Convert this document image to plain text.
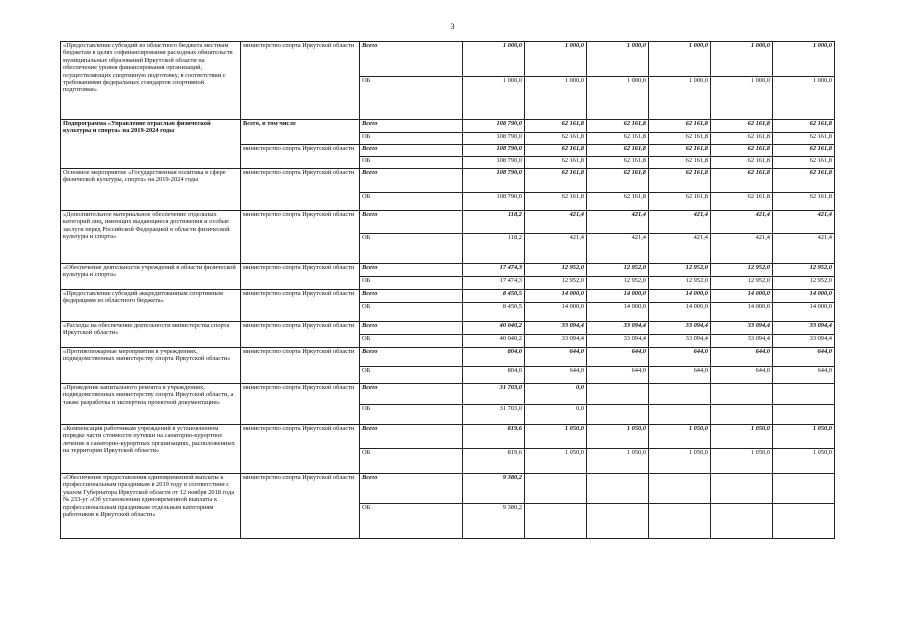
3
«Предоставление субсидий из областного бюджета местным бюджетам в целях софинансирования расходных обязательств муниципальных образований Иркутской области на обеспечение уровня финансирования организаций, осуществляющих спортивную подготовку, в соответствии с требованиями федеральных стандартов спортивной подготовки»	министерство спорта Иркутской области	Всего	1 000,0	1 000,0	1 000,0	1 000,0	1 000,0	1 000,0
		ОБ	1 000,0	1 000,0	1 000,0	1 000,0	1 000,0	1 000,0
Подпрограмма «Управление отраслью физической культуры и спорта» на 2019-2024 годы	Всего, в том числе	Всего	108 790,0	62 161,8	62 161,8	62 161,8	62 161,8	62 161,8
		ОБ	108 790,0	62 161,8	62 161,8	62 161,8	62 161,8	62 161,8
	министерство спорта Иркутской области	Всего	108 790,0	62 161,8	62 161,8	62 161,8	62 161,8	62 161,8
		ОБ	108 790,0	62 161,8	62 161,8	62 161,8	62 161,8	62 161,8
Основное мероприятие «Государственная политика в сфере физической культуры, спорта» на 2019-2024 годы	министерство спорта Иркутской области	Всего	108 790,0	62 161,8	62 161,8	62 161,8	62 161,8	62 161,8
		ОБ	108 790,0	62 161,8	62 161,8	62 161,8	62 161,8	62 161,8
«Дополнительное материальное обеспечение отдельных категорий лиц, имеющих выдающиеся достижения и особые заслуги перед Российской Федерацией в области физической культуры и спорта»	министерство спорта Иркутской области	Всего	118,2	421,4	421,4	421,4	421,4	421,4
		ОБ	118,2	421,4	421,4	421,4	421,4	421,4
«Обеспечение деятельности учреждений в области физической культуры и спорта»	министерство спорта Иркутской области	Всего	17 474,3	12 952,0	12 952,0	12 952,0	12 952,0	12 952,0
		ОБ	17 474,3	12 952,0	12 952,0	12 952,0	12 952,0	12 952,0
«Предоставление субсидий аккредитованным спортивным федерациям из областного бюджета»	министерство спорта Иркутской области	Всего	8 450,5	14 000,0	14 000,0	14 000,0	14 000,0	14 000,0
		ОБ	8 450,5	14 000,0	14 000,0	14 000,0	14 000,0	14 000,0
«Расходы на обеспечение деятельности министерства спорта Иркутской области»	министерство спорта Иркутской области	Всего	40 040,2	33 094,4	33 094,4	33 094,4	33 094,4	33 094,4
		ОБ	40 040,2	33 094,4	33 094,4	33 094,4	33 094,4	33 094,4
«Противопожарные мероприятия в учреждениях, подведомственных министерству спорта Иркутской области»	министерство спорта Иркутской области	Всего	804,0	644,0	644,0	644,0	644,0	644,0
		ОБ	804,0	644,0	644,0	644,0	644,0	644,0
«Проведение капитального ремонта в учреждениях, подведомственных министерству спорта Иркутской области, а также разработка и экспертиза проектной документации»	министерство спорта Иркутской области	Всего	31 703,0	0,0				
		ОБ	31 703,0	0,0				
«Компенсация работникам учреждений в установленном порядке части стоимости путевки на санаторно-курортное лечение в санаторно-курортных организациях, расположенных на территории Иркутской области»	министерство спорта Иркутской области	Всего	819,6	1 050,0	1 050,0	1 050,0	1 050,0	1 050,0
		ОБ	819,6	1 050,0	1 050,0	1 050,0	1 050,0	1 050,0
«Обеспечение предоставления единовременной выплаты к профессиональным праздникам в 2019 году в соответствии с указом Губернатора Иркутской области от 12 ноября 2018 года № 233-уг «Об установлении единовременной выплаты к профессиональным праздникам отдельным категориям работников в Иркутской области»	министерство спорта Иркутской области	Всего	9 380,2					
		ОБ	9 380,2					
